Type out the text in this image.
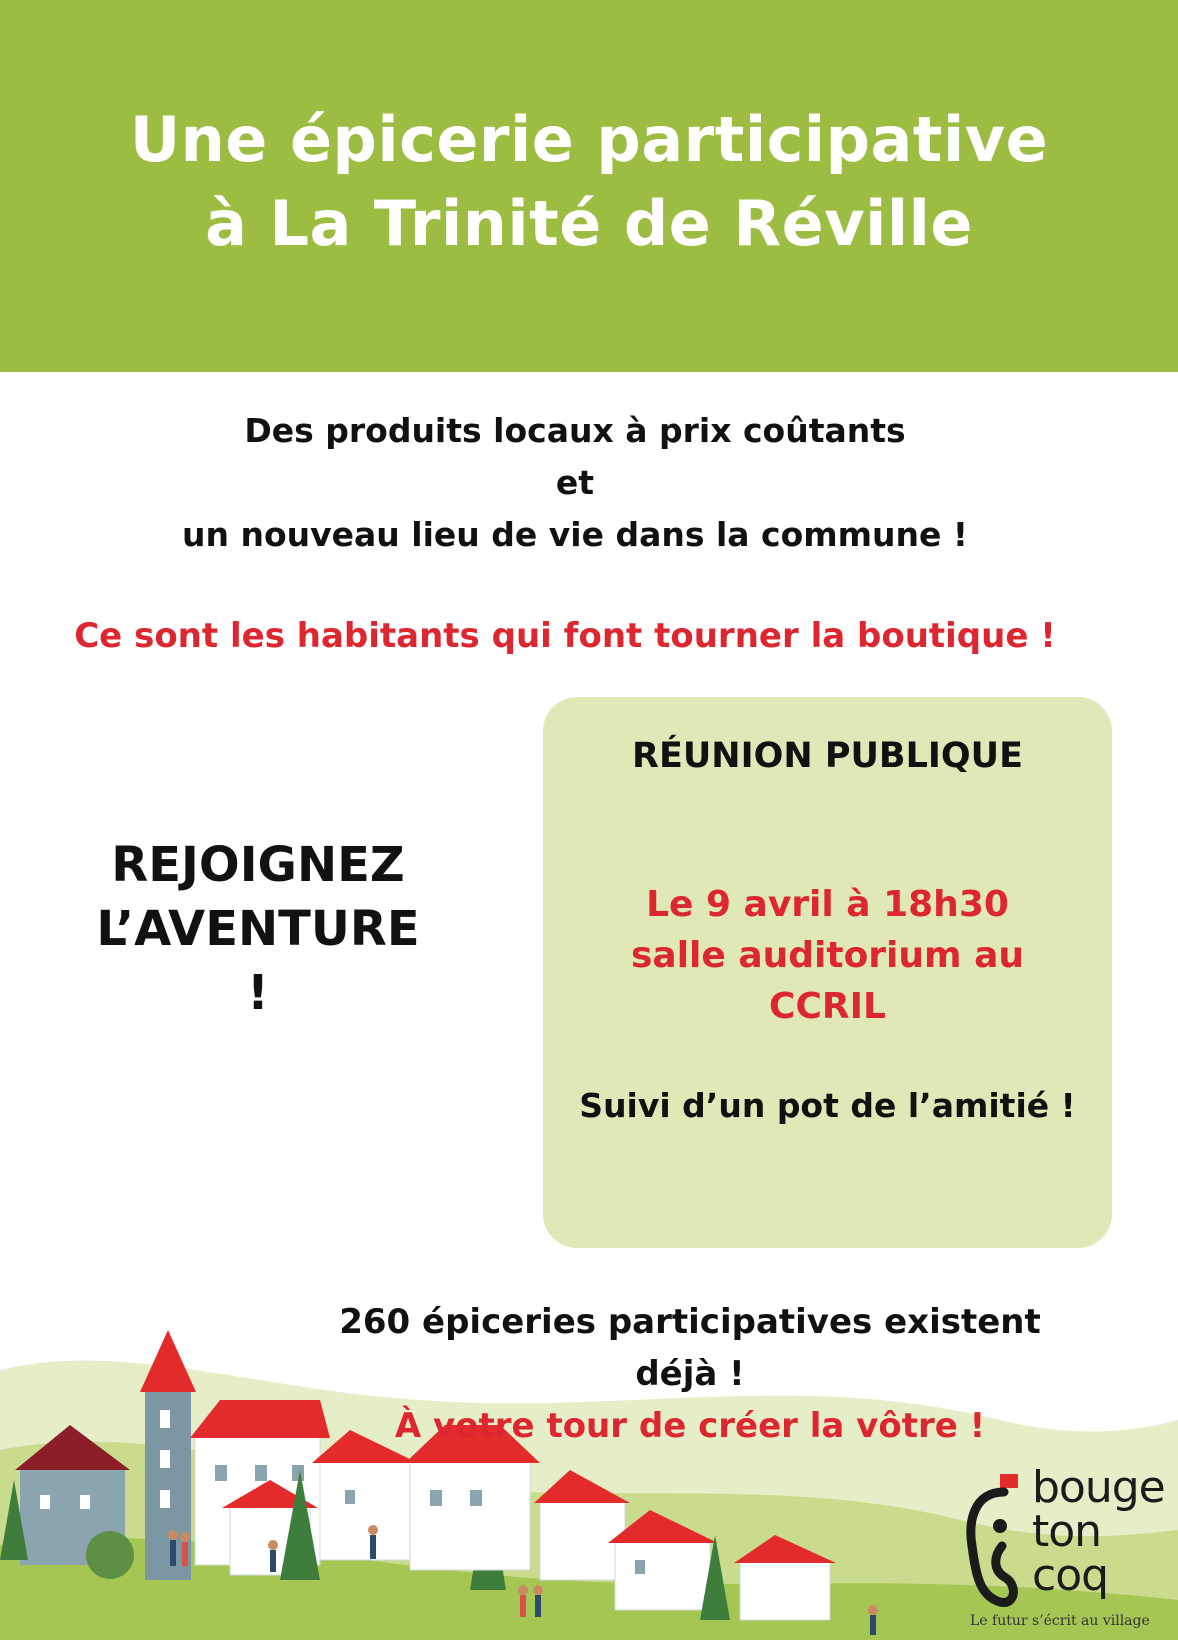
Une épicerie participative
à La Trinité de Réville
Des produits locaux à prix coûtants
et
un nouveau lieu de vie dans la commune !
Ce sont les habitants qui font tourner la boutique !
REJOIGNEZ
L’AVENTURE
!
RÉUNION PUBLIQUE
Le 9 avril à 18h30
salle auditorium au
CCRIL
Suivi d’un pot de l’amitié !
260 épiceries participatives existent
déjà !
À votre tour de créer la vôtre !
bouge
ton
coq
Le futur s’écrit au village
